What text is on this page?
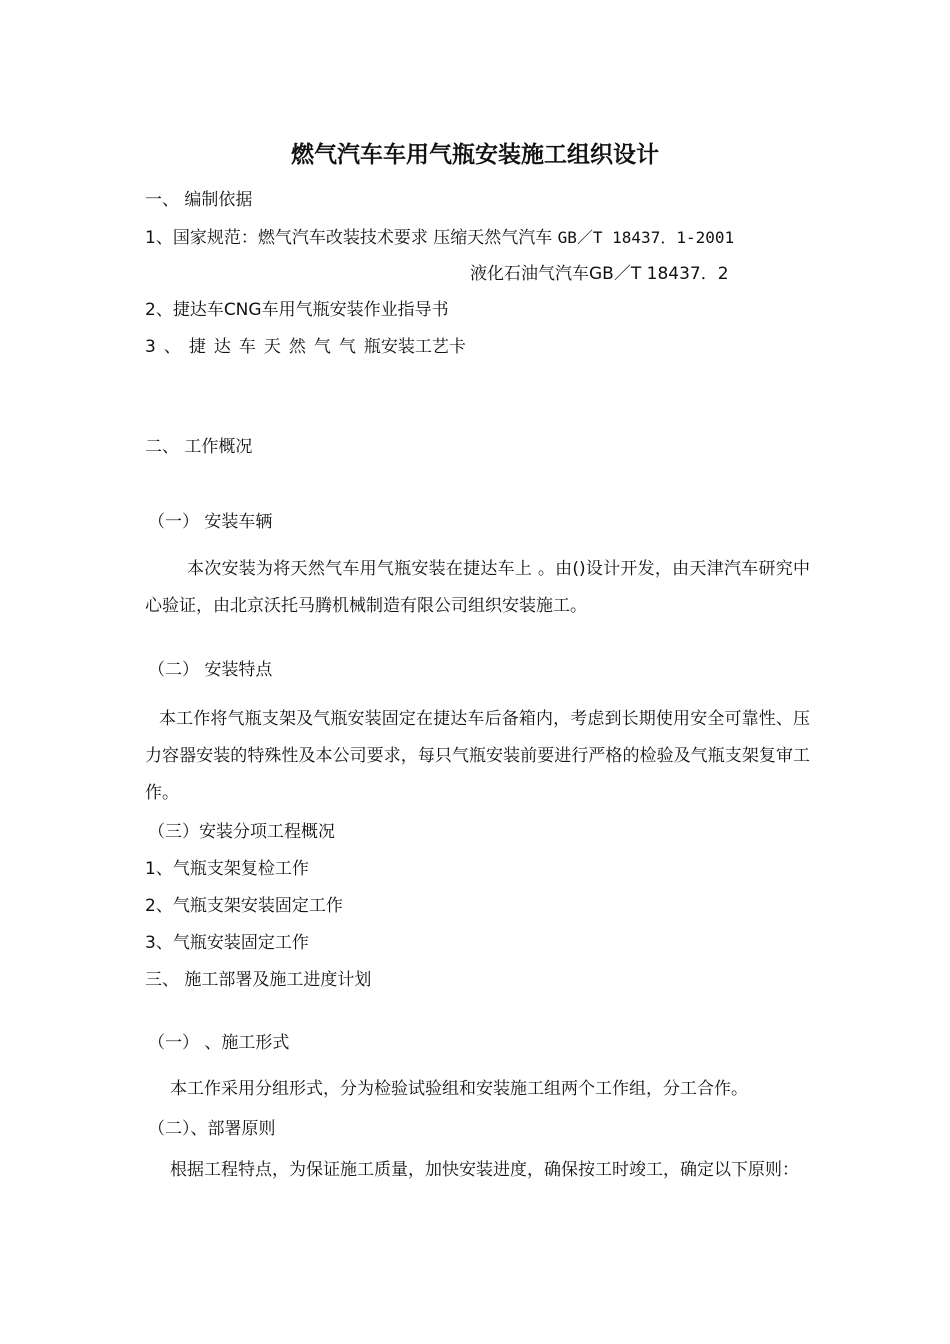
燃气汽车车用气瓶安装施工组织设计
一、 编制依据
1、国家规范：燃气汽车改装技术要求 压缩天然气汽车 GB／T 18437．1-2001
液化石油气汽车GB／T 18437．2
2、捷达车CNG车用气瓶安装作业指导书
3、捷达车天然气气瓶安装工艺卡
二、 工作概况
（一） 安装车辆
本次安装为将天然气车用气瓶安装在捷达车上 。由()设计开发，由天津汽车研究中心验证，由北京沃托马腾机械制造有限公司组织安装施工。
（二） 安装特点
本工作将气瓶支架及气瓶安装固定在捷达车后备箱内，考虑到长期使用安全可靠性、压力容器安装的特殊性及本公司要求，每只气瓶安装前要进行严格的检验及气瓶支架复审工作。
（三）安装分项工程概况
1、气瓶支架复检工作
2、气瓶支架安装固定工作
3、气瓶安装固定工作
三、 施工部署及施工进度计划
（一） 、施工形式
本工作采用分组形式，分为检验试验组和安装施工组两个工作组，分工合作。
（二）、部署原则
根据工程特点，为保证施工质量，加快安装进度，确保按工时竣工，确定以下原则：
